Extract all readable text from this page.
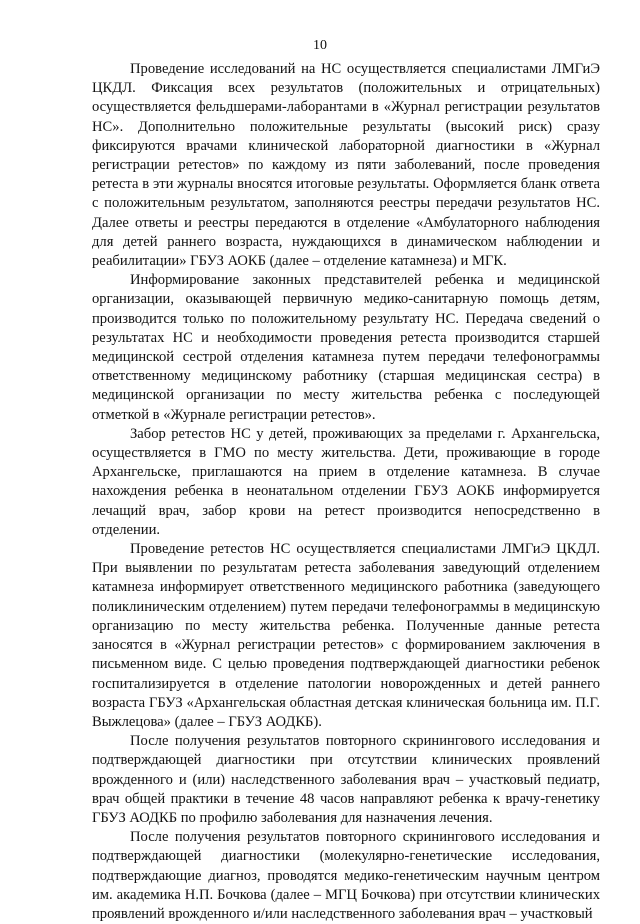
10

Проведение исследований на НС осуществляется специалистами ЛМГиЭ ЦКДЛ. Фиксация всех результатов (положительных и отрицательных) осуществляется фельдшерами-лаборантами в «Журнал регистрации результатов НС». Дополнительно положительные результаты (высокий риск) сразу фиксируются врачами клинической лабораторной диагностики в «Журнал регистрации ретестов» по каждому из пяти заболеваний, после проведения ретеста в эти журналы вносятся итоговые результаты. Оформляется бланк ответа с положительным результатом, заполняются реестры передачи результатов НС. Далее ответы и реестры передаются в отделение «Амбулаторного наблюдения для детей раннего возраста, нуждающихся в динамическом наблюдении и реабилитации» ГБУЗ АОКБ (далее – отделение катамнеза) и МГК.

Информирование законных представителей ребенка и медицинской организации, оказывающей первичную медико-санитарную помощь детям, производится только по положительному результату НС. Передача сведений о результатах НС и необходимости проведения ретеста производится старшей медицинской сестрой отделения катамнеза путем передачи телефонограммы ответственному медицинскому работнику (старшая медицинская сестра) в медицинской организации по месту жительства ребенка с последующей отметкой в «Журнале регистрации ретестов».

Забор ретестов НС у детей, проживающих за пределами г. Архангельска, осуществляется в ГМО по месту жительства. Дети, проживающие в городе Архангельске, приглашаются на прием в отделение катамнеза. В случае нахождения ребенка в неонатальном отделении ГБУЗ АОКБ информируется лечащий врач, забор крови на ретест производится непосредственно в отделении.

Проведение ретестов НС осуществляется специалистами ЛМГиЭ ЦКДЛ. При выявлении по результатам ретеста заболевания заведующий отделением катамнеза информирует ответственного медицинского работника (заведующего поликлиническим отделением) путем передачи телефонограммы в медицинскую организацию по месту жительства ребенка. Полученные данные ретеста заносятся в «Журнал регистрации ретестов» с формированием заключения в письменном виде. С целью проведения подтверждающей диагностики ребенок госпитализируется в отделение патологии новорожденных и детей раннего возраста ГБУЗ «Архангельская областная детская клиническая больница им. П.Г. Выжлецова» (далее – ГБУЗ АОДКБ).

После получения результатов повторного скринингового исследования и подтверждающей диагностики при отсутствии клинических проявлений врожденного и (или) наследственного заболевания врач – участковый педиатр, врач общей практики в течение 48 часов направляют ребенка к врачу-генетику ГБУЗ АОДКБ по профилю заболевания для назначения лечения.

После получения результатов повторного скринингового исследования и подтверждающей диагностики (молекулярно-генетические исследования, подтверждающие диагноз, проводятся медико-генетическим научным центром им. академика Н.П. Бочкова (далее – МГЦ Бочкова) при отсутствии клинических проявлений врожденного и/или наследственного заболевания врач – участковый
